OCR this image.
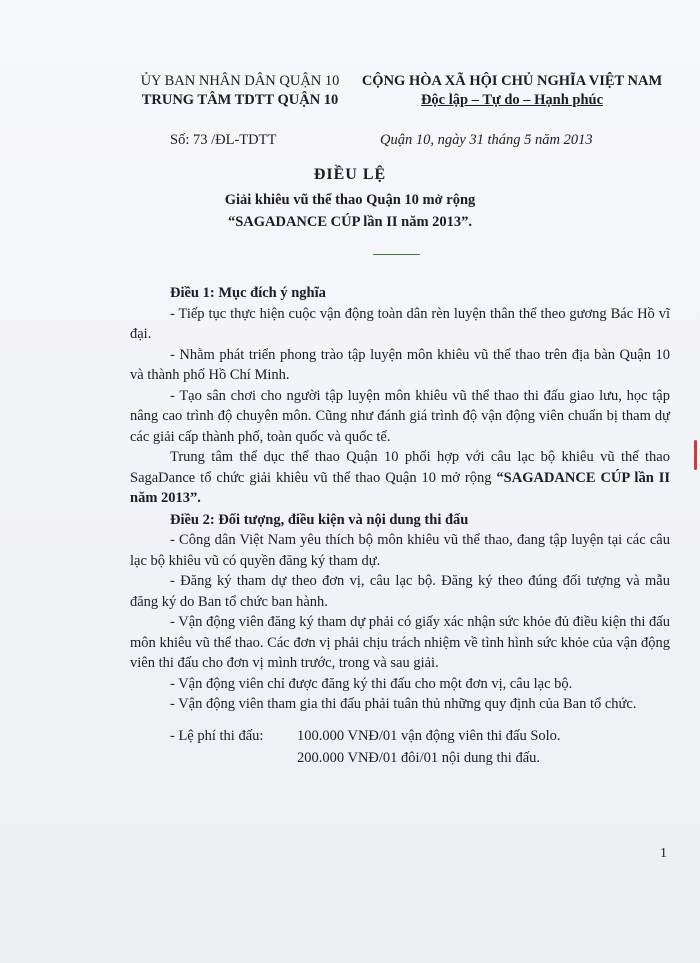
ỦY BAN NHÂN DÂN QUẬN 10
TRUNG TÂM TDTT QUẬN 10
CỘNG HÒA XÃ HỘI CHỦ NGHĨA VIỆT NAM
Độc lập – Tự do – Hạnh phúc
Số: 73 /ĐL-TDTT	Quận 10, ngày 31 tháng 5 năm 2013
ĐIỀU LỆ
Giải khiêu vũ thể thao Quận 10 mở rộng
“SAGADANCE CÚP lần II năm 2013”.

Điều 1: Mục đích ý nghĩa

- Tiếp tục thực hiện cuộc vận động toàn dân rèn luyện thân thể theo gương Bác Hồ vĩ đại.

- Nhằm phát triển phong trào tập luyện môn khiêu vũ thể thao trên địa bàn Quận 10 và thành phố Hồ Chí Minh.

- Tạo sân chơi cho người tập luyện môn khiêu vũ thể thao thi đấu giao lưu, học tập nâng cao trình độ chuyên môn. Cũng như đánh giá trình độ vận động viên chuẩn bị tham dự các giải cấp thành phố, toàn quốc và quốc tế.

Trung tâm thể dục thể thao Quận 10 phối hợp với câu lạc bộ khiêu vũ thể thao SagaDance tổ chức giải khiêu vũ thể thao Quận 10 mở rộng “SAGADANCE CÚP lần II năm 2013”.

Điều 2: Đối tượng, điều kiện và nội dung thi đấu

- Công dân Việt Nam yêu thích bộ môn khiêu vũ thể thao, đang tập luyện tại các câu lạc bộ khiêu vũ có quyền đăng ký tham dự.

- Đăng ký tham dự theo đơn vị, câu lạc bộ. Đăng ký theo đúng đối tượng và mẫu đăng ký do Ban tổ chức ban hành.

- Vận động viên đăng ký tham dự phải có giấy xác nhận sức khỏe đủ điều kiện thi đấu môn khiêu vũ thể thao. Các đơn vị phải chịu trách nhiệm về tình hình sức khỏe của vận động viên thi đấu cho đơn vị mình trước, trong và sau giải.

- Vận động viên chỉ được đăng ký thi đấu cho một đơn vị, câu lạc bộ.

- Vận động viên tham gia thi đấu phải tuân thủ những quy định của Ban tổ chức.

- Lệ phí thi đấu: 100.000 VNĐ/01 vận động viên thi đấu Solo.
200.000 VNĐ/01 đôi/01 nội dung thi đấu.
1
